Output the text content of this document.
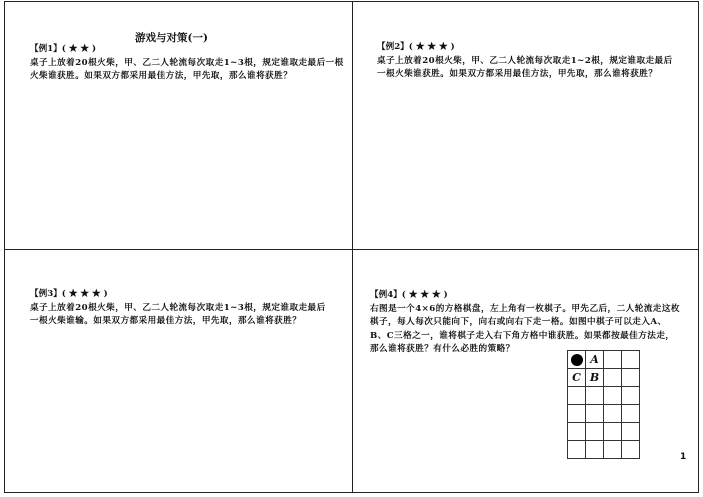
游戏与对策(一)
【例1】( ★ ★ )
桌子上放着20根火柴，甲、乙二人轮流每次取走1~3根，规定谁取走最后一根火柴谁获胜。如果双方都采用最佳方法，甲先取，那么谁将获胜？
【例2】( ★ ★ ★ )
桌子上放着20根火柴，甲、乙二人轮流每次取走1~2根，规定谁取走最后一根火柴谁获胜。如果双方都采用最佳方法，甲先取，那么谁将获胜？
【例3】( ★ ★ ★ )
桌子上放着20根火柴，甲、乙二人轮流每次取走1~3根，规定谁取走最后一根火柴谁输。如果双方都采用最佳方法，甲先取，那么谁将获胜？
【例4】( ★ ★ ★ )
右图是一个4×6的方格棋盘，左上角有一枚棋子。甲先乙后，二人轮流走这枚棋子，每人每次只能向下，向右或向右下走一格。如图中棋子可以走入A、B、C三格之一，谁将棋子走入右下角方格中谁获胜。如果都按最佳方法走，那么谁将获胜？有什么必胜的策略？
	A		
C	B		

1
